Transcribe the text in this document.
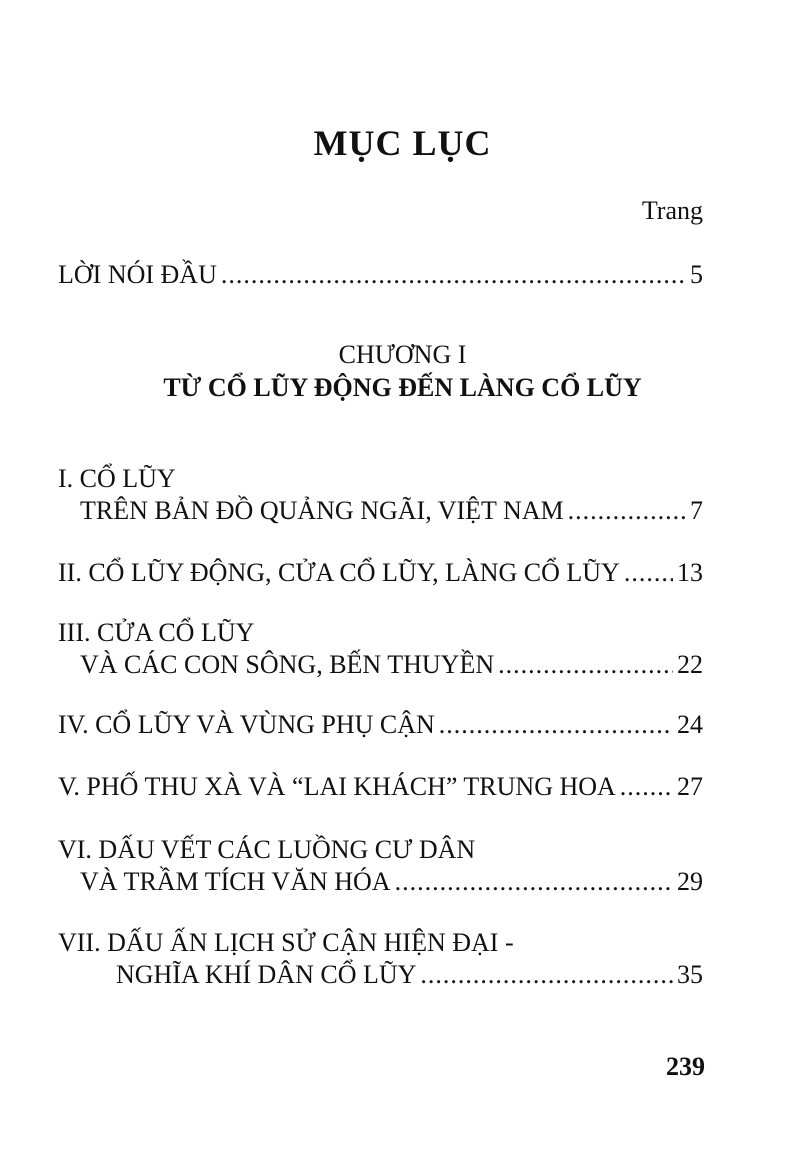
MỤC LỤC
Trang
LỜI NÓI ĐẦU .....	5
CHƯƠNG I
TỪ CỔ LŨY ĐỘNG ĐẾN LÀNG CỔ LŨY
I. CỔ LŨY
TRÊN BẢN ĐỒ QUẢNG NGÃI, VIỆT NAM .....	7
II. CỔ LŨY ĐỘNG, CỬA CỔ LŨY, LÀNG CỔ LŨY ..... 13
III. CỬA CỔ LŨY
VÀ CÁC CON SÔNG, BẾN THUYỀN .....	22
IV. CỔ LŨY VÀ VÙNG PHỤ CẬN .....	24
V. PHỐ THU XÀ VÀ “LAI KHÁCH” TRUNG HOA ..... 27
VI. DẤU VẾT CÁC LUỒNG CƯ DÂN
VÀ TRẦM TÍCH VĂN HÓA .....	29
VII. DẤU ẤN LỊCH SỬ CẬN HIỆN ĐẠI -
NGHĨA KHÍ DÂN CỔ LŨY .....	35
239
